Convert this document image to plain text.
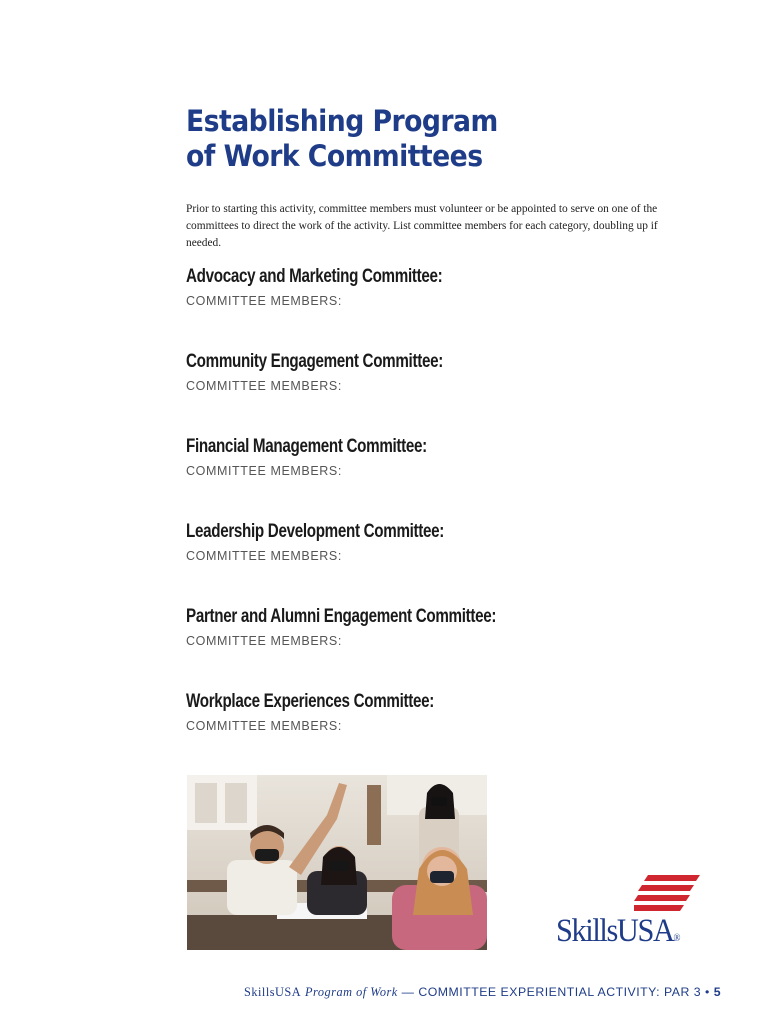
Establishing Program
of Work Committees

Prior to starting this activity, committee members must volunteer or be appointed to serve on one of the committees to direct the work of the activity. List committee members for each category, doubling up if needed.

Advocacy and Marketing Committee:

COMMITTEE MEMBERS:

Community Engagement Committee:

COMMITTEE MEMBERS:

Financial Management Committee:

COMMITTEE MEMBERS:

Leadership Development Committee:

COMMITTEE MEMBERS:

Partner and Alumni Engagement Committee:

COMMITTEE MEMBERS:

Workplace Experiences Committee:

COMMITTEE MEMBERS:

SkillsUSA®
SkillsUSA Program of Work — COMMITTEE EXPERIENTIAL ACTIVITY: PAR 3 • 5
